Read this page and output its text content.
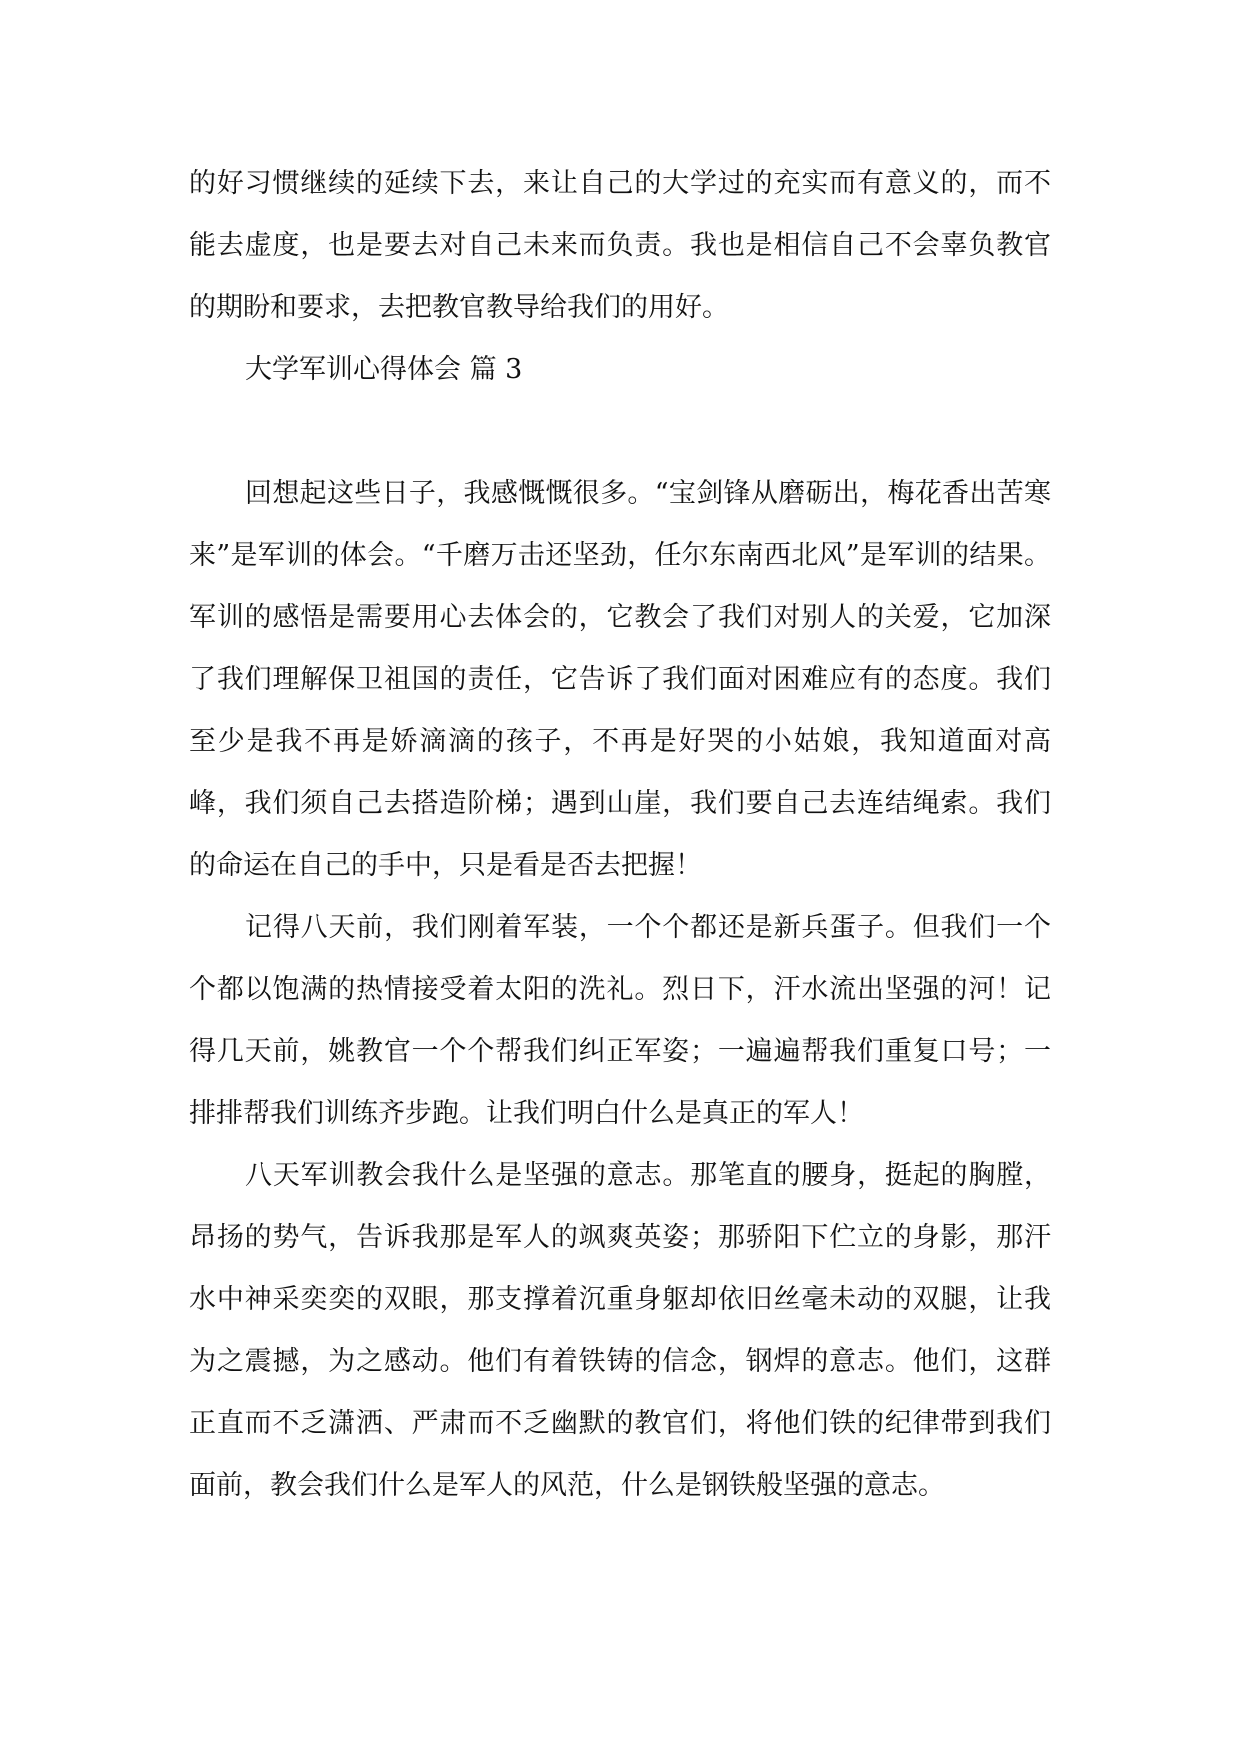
的好习惯继续的延续下去，来让自己的大学过的充实而有意义的，而不能去虚度，也是要去对自己未来而负责。我也是相信自己不会辜负教官的期盼和要求，去把教官教导给我们的用好。

大学军训心得体会 篇 3

回想起这些日子，我感慨慨很多。“宝剑锋从磨砺出，梅花香出苦寒来”是军训的体会。“千磨万击还坚劲，任尔东南西北风”是军训的结果。军训的感悟是需要用心去体会的，它教会了我们对别人的关爱，它加深了我们理解保卫祖国的责任，它告诉了我们面对困难应有的态度。我们至少是我不再是娇滴滴的孩子，不再是好哭的小姑娘，我知道面对高峰，我们须自己去搭造阶梯；遇到山崖，我们要自己去连结绳索。我们的命运在自己的手中，只是看是否去把握！

记得八天前，我们刚着军装，一个个都还是新兵蛋子。但我们一个个都以饱满的热情接受着太阳的洗礼。烈日下，汗水流出坚强的河！记得几天前，姚教官一个个帮我们纠正军姿；一遍遍帮我们重复口号；一排排帮我们训练齐步跑。让我们明白什么是真正的军人！

八天军训教会我什么是坚强的意志。那笔直的腰身，挺起的胸膛，昂扬的势气，告诉我那是军人的飒爽英姿；那骄阳下伫立的身影，那汗水中神采奕奕的双眼，那支撑着沉重身躯却依旧丝毫未动的双腿，让我为之震撼，为之感动。他们有着铁铸的信念，钢焊的意志。他们，这群正直而不乏潇洒、严肃而不乏幽默的教官们，将他们铁的纪律带到我们面前，教会我们什么是军人的风范，什么是钢铁般坚强的意志。
